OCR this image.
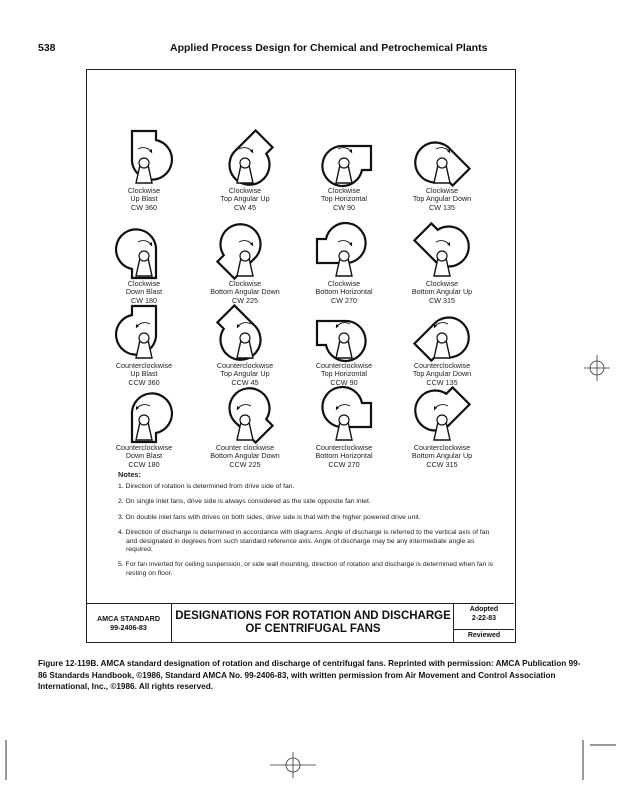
538	Applied Process Design for Chemical and Petrochemical Plants
Clockwise
Up Blast
CW 360
Clockwise
Top Angular Up
CW 45
Clockwise
Top Horizontal
CW 90
Clockwise
Top Angular Down
CW 135
Clockwise
Down Blast
CW 180
Clockwise
Bottom Angular Down
CW 225
Clockwise
Bottom Horizontal
CW 270
Clockwise
Bottom Angular Up
CW 315
Counterclockwise
Up Blast
CCW 360
Counterclockwise
Top Angular Up
CCW 45
Counterclockwise
Top Horizontal
CCW 90
Counterclockwise
Top Angular Down
CCW 135
Counterclockwise
Down Blast
CCW 180
Counter clockwise
Bottom Angular Down
CCW 225
Counterclockwise
Bottom Horizontal
CCW 270
Counterclockwise
Bottom Angular Up
CCW 315
Notes:
1. Direction of rotation is determined from drive side of fan.
2. On single inlet fans, drive side is always considered as the side opposite fan inlet.
3. On double inlet fans with drives on both sides, drive side is that with the higher powered drive unit.
4. Direction of discharge is determined in accordance with diagrams. Angle of discharge is referred to the vertical axis of fan and designated in degrees from such standard reference axis. Angle of discharge may be any intermediate angle as required.
5. For fan inverted for ceiling suspension, or side wall mounting, direction of rotation and discharge is determined when fan is resting on floor.
AMCA STANDARD
99-2406-83
DESIGNATIONS FOR ROTATION AND DISCHARGE
OF CENTRIFUGAL FANS
Adopted
2-22-83
Reviewed
Figure 12-119B. AMCA standard designation of rotation and discharge of centrifugal fans. Reprinted with permission: AMCA Publication 99-86 Standards Handbook, ©1986, Standard AMCA No. 99-2406-83, with written permission from Air Movement and Control Association International, Inc., ©1986. All rights reserved.
